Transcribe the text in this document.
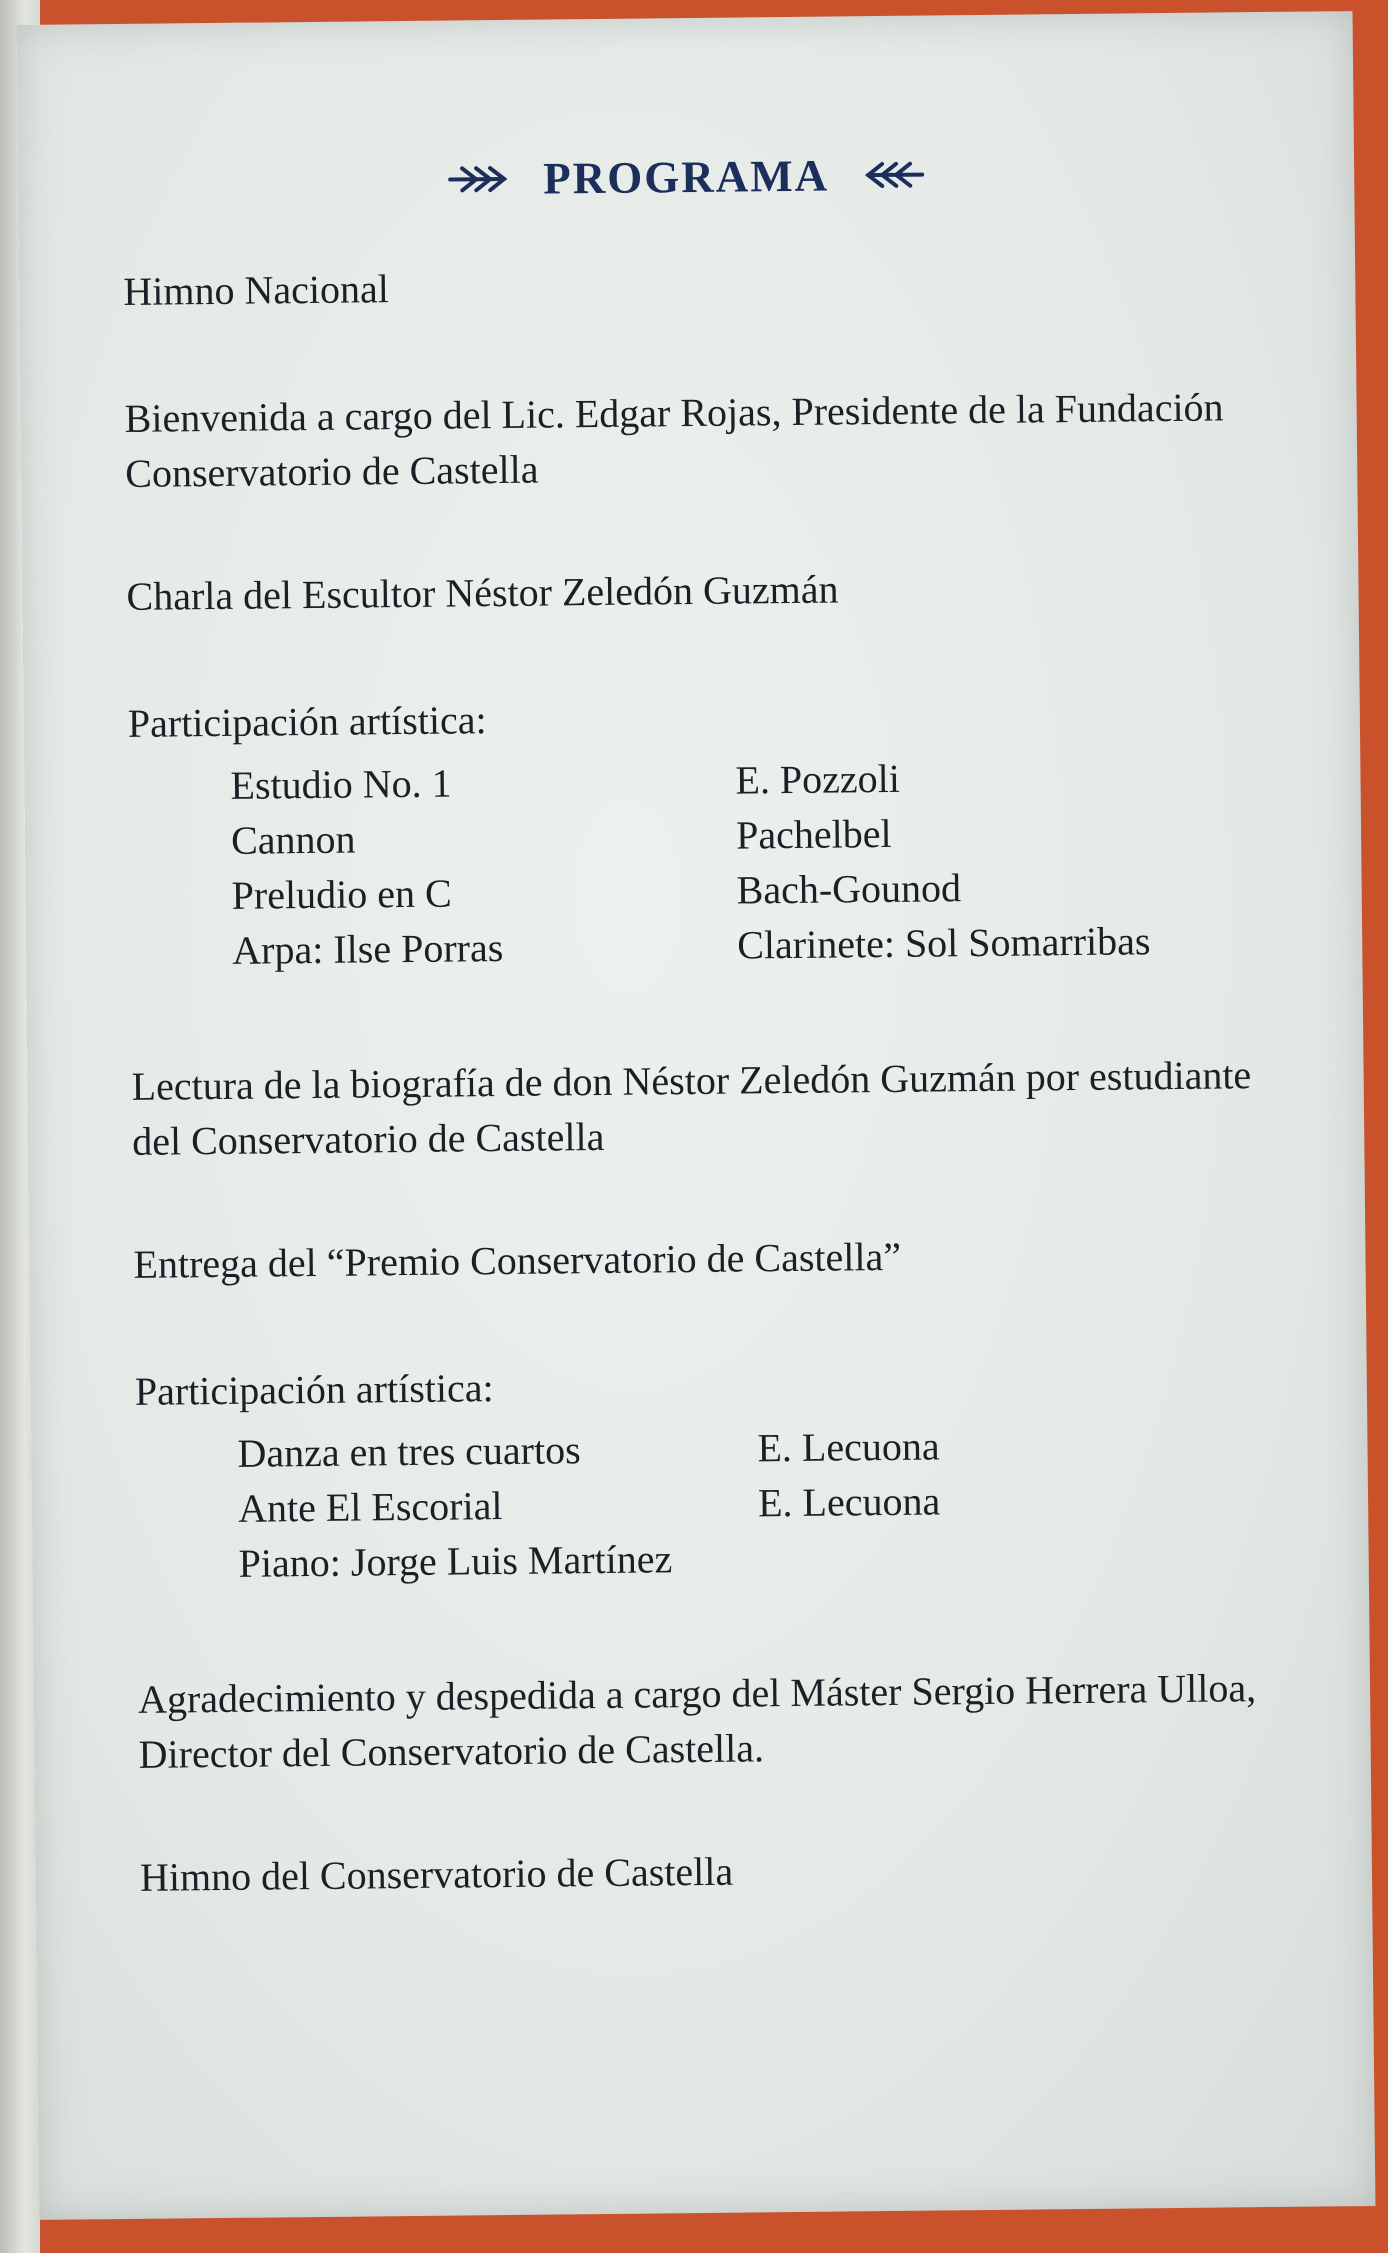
PROGRAMA
Himno Nacional
Bienvenida a cargo del Lic. Edgar Rojas, Presidente de la Fundación Conservatorio de Castella
Charla del Escultor Néstor Zeledón Guzmán
Participación artística:
Estudio No. 1	E. Pozzoli
Cannon	Pachelbel
Preludio en C	Bach-Gounod
Arpa: Ilse Porras	Clarinete: Sol Somarribas
Lectura de la biografía de don Néstor Zeledón Guzmán por estudiante del Conservatorio de Castella
Entrega del “Premio Conservatorio de Castella”
Participación artística:
Danza en tres cuartos	E. Lecuona
Ante El Escorial	E. Lecuona
Piano: Jorge Luis Martínez	
Agradecimiento y despedida a cargo del Máster Sergio Herrera Ulloa, Director del Conservatorio de Castella.
Himno del Conservatorio de Castella
